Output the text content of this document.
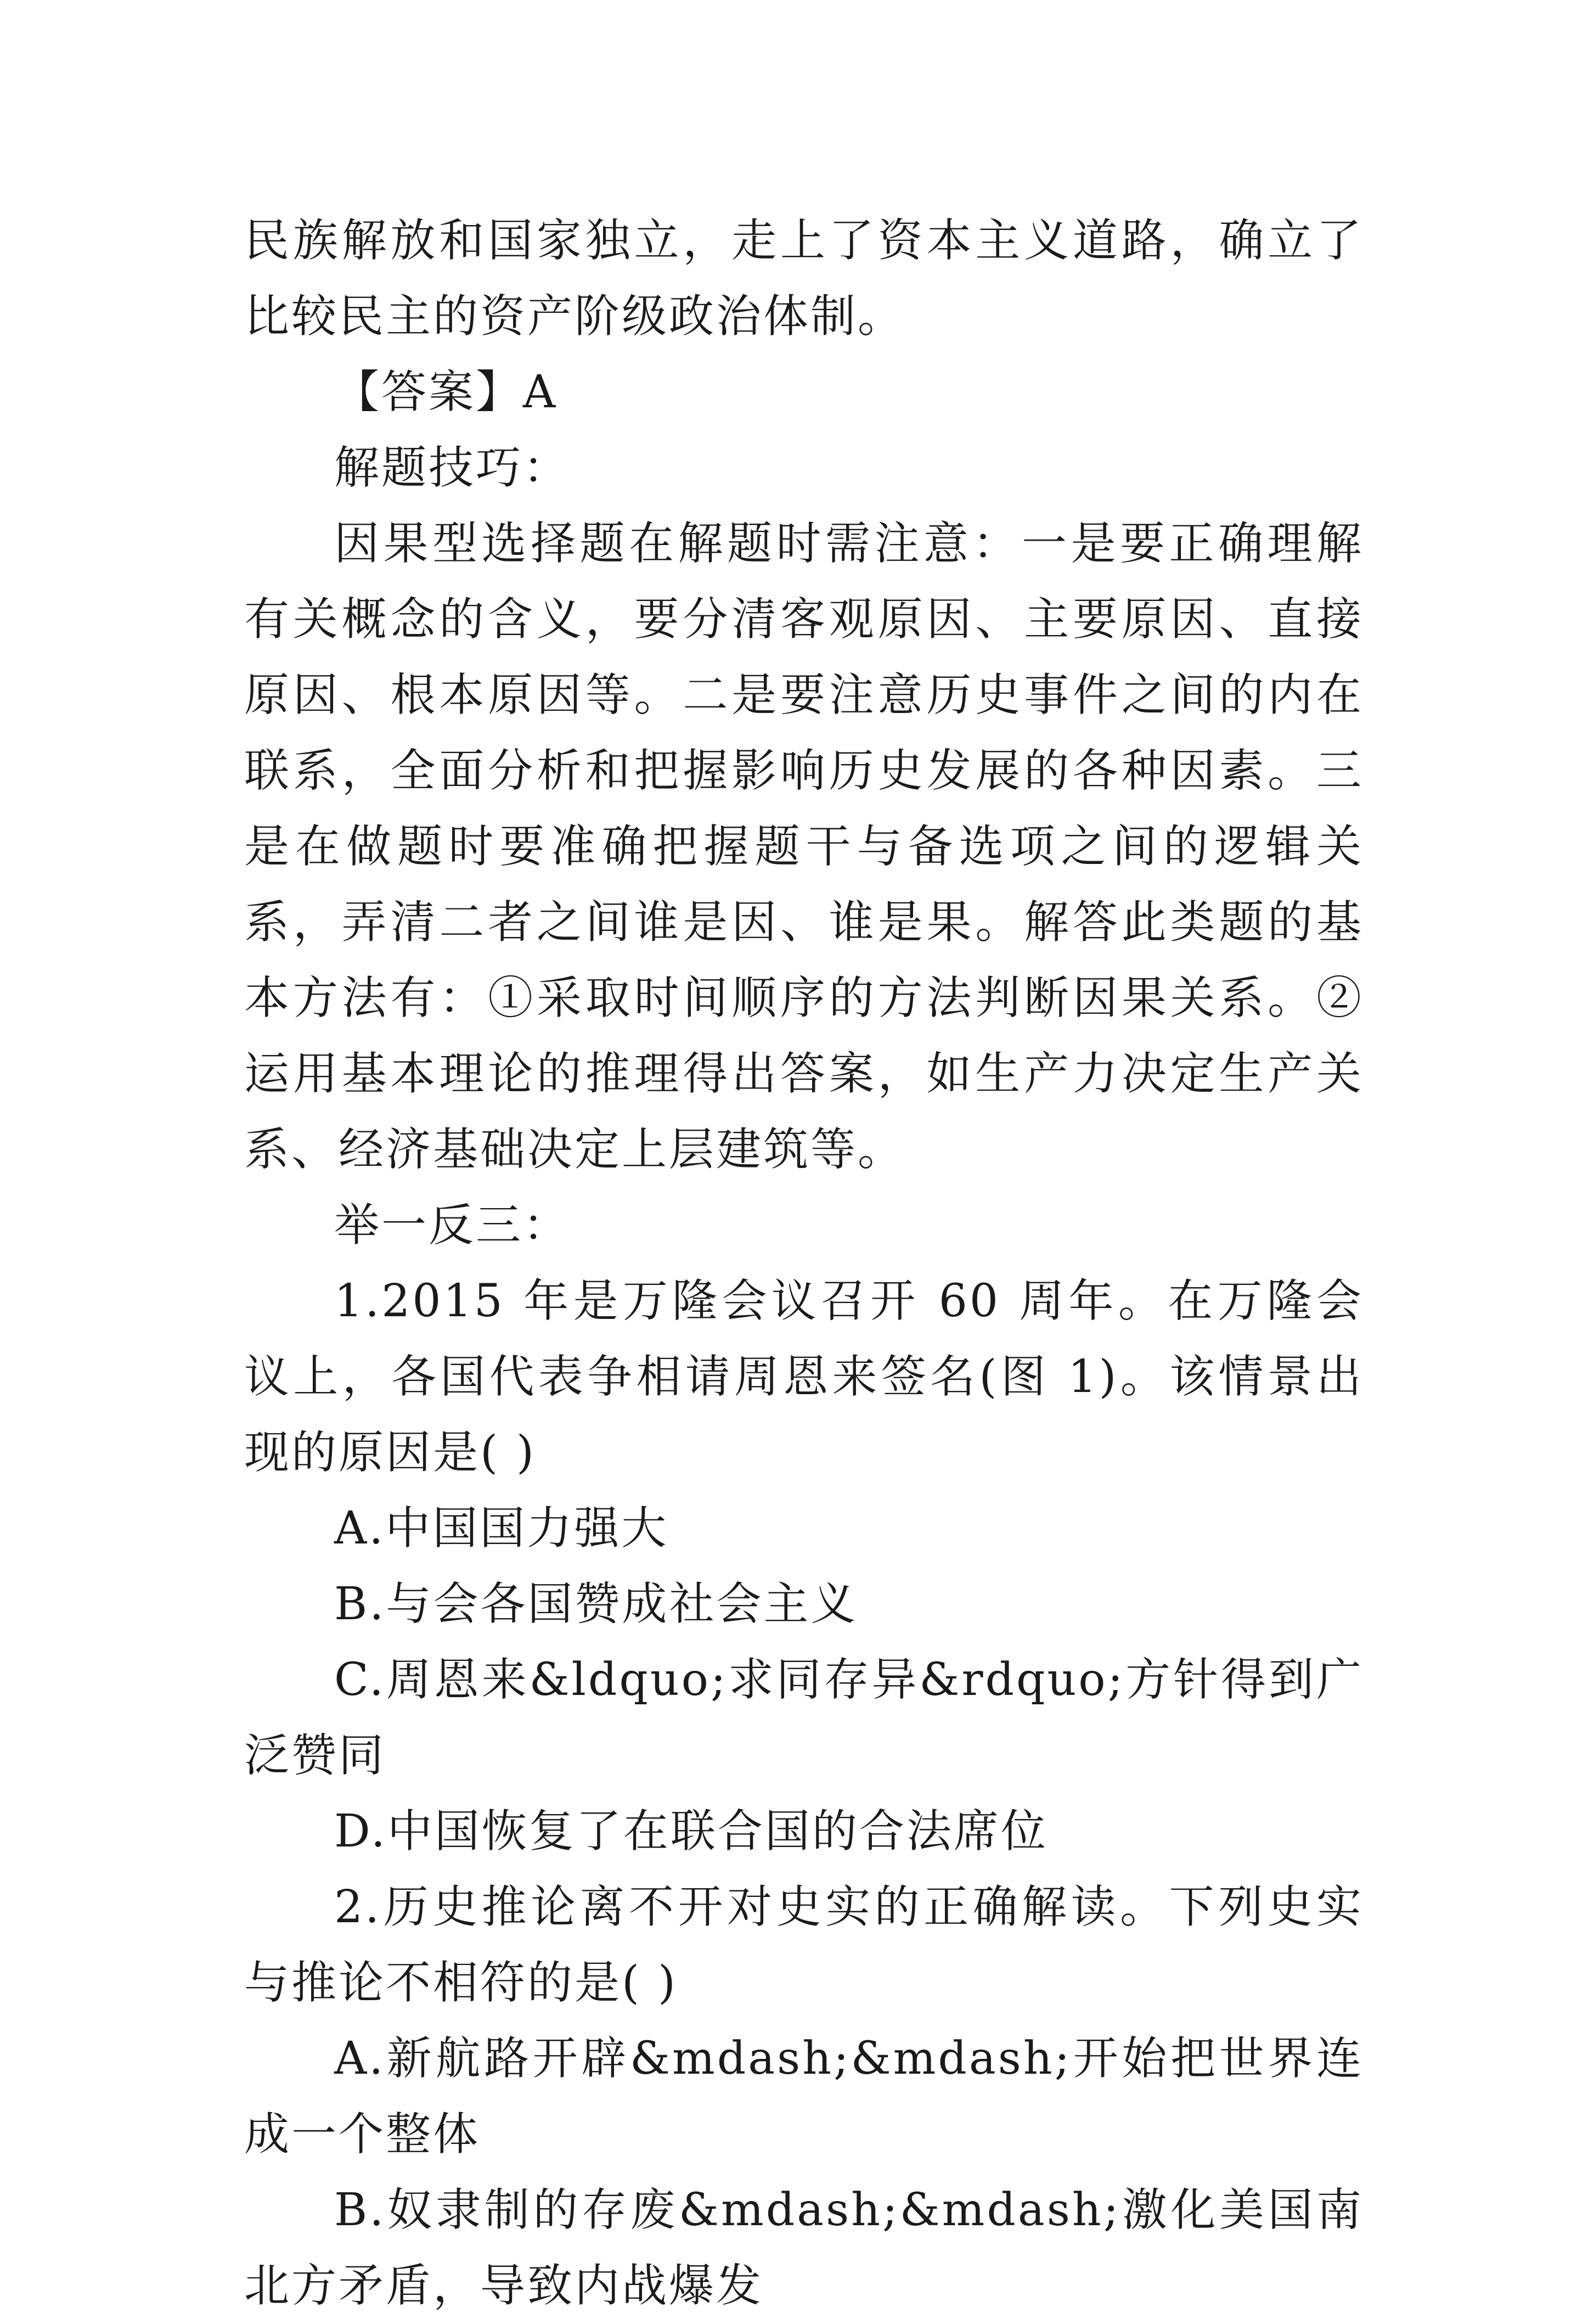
民族解放和国家独立，走上了资本主义道路，确立了比较民主的资产阶级政治体制。

【答案】A

解题技巧：

因果型选择题在解题时需注意：一是要正确理解有关概念的含义，要分清客观原因、主要原因、直接原因、根本原因等。二是要注意历史事件之间的内在联系，全面分析和把握影响历史发展的各种因素。三是在做题时要准确把握题干与备选项之间的逻辑关系，弄清二者之间谁是因、谁是果。解答此类题的基本方法有：①采取时间顺序的方法判断因果关系。②运用基本理论的推理得出答案，如生产力决定生产关系、经济基础决定上层建筑等。

举一反三：

1.2015 年是万隆会议召开 60 周年。在万隆会议上，各国代表争相请周恩来签名(图 1)。该情景出现的原因是( )

A.中国国力强大

B.与会各国赞成社会主义

C.周恩来&ldquo;求同存异&rdquo;方针得到广泛赞同

D.中国恢复了在联合国的合法席位

2.历史推论离不开对史实的正确解读。下列史实与推论不相符的是( )

A.新航路开辟&mdash;&mdash;开始把世界连成一个整体

B.奴隶制的存废&mdash;&mdash;激化美国南北方矛盾，导致内战爆发
